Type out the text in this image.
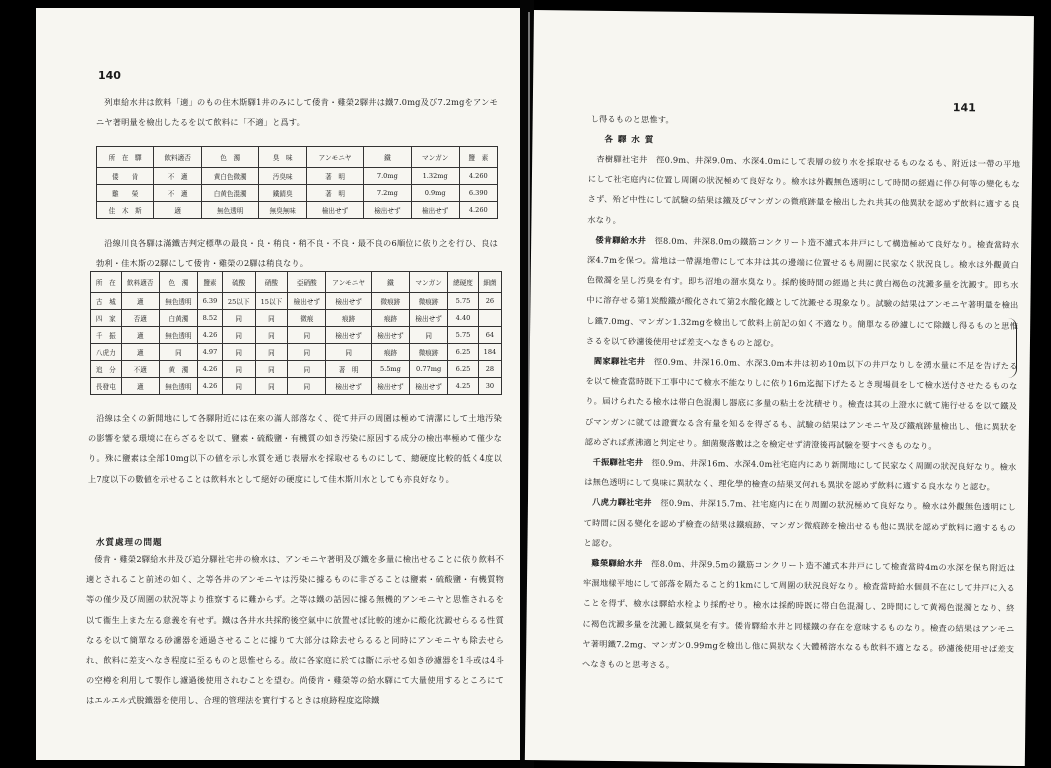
140
列車給水井は飲料「適」のもの住木斯驛1井のみにして倭肯・雞榮2驛井は鐵7.0mg及び7.2mgをアンモニヤ著明量を檢出したるを以て飲料に「不適」と爲す。
所　在　驛	飲料適否	色　濁	臭　味	アンモニヤ	鐵	マンガン	鹽　素
倭　　肯	不　適	黄白色微濁	汚臭味	著　明	7.0mg	1.32mg	4.260
雞　　榮	不　適	白黄色混濁	鐵錆臭	著　明	7.2mg	0.9mg	6.390
佳　木　斯	適	無色透明	無臭無味	檢出せず	檢出せず	檢出せず	4.260
沿線川良各驛は滿鐵吉判定標準の最良・良・稍良・稍不良・不良・最不良の6順位に依り之を行ひ、良は勃利・佳木斯の2驛にして倭肯・雞榮の2驛は稍良なり。
所　在	飲料適否	色　濁	鹽素	硫酸	硝酸	亞硝酸	アンモニヤ	鐵	マンガン	總硬度	細菌
古　城	適	無色透明	6.39	25以下	15以下	檢出せず	檢出せず	微痕跡	微痕跡	5.75	26
四　家	否適	白黄濁	8.52	同	同	微痕	痕跡	痕跡	檢出せず	4.40	
千　振	適	無色透明	4.26	同	同	同	檢出せず	檢出せず	同	5.75	64
八虎力	適	同	4.97	同	同	同	同	痕跡	微痕跡	6.25	184
追　分	不適	黄　濁	4.26	同	同	同	著　明	5.5mg	0.77mg	6.25	28
長發屯	適	無色透明	4.26	同	同	同	檢出せず	檢出せず	檢出せず	4.25	30
沿線は全くの新開地にして各驛附近には在來の滿人部落なく、從て井戸の周圍は極めて淸潔にして土地汚染の影響を蒙る環境に在らざるを以て、鹽素・硫酸鹽・有機質の如き汚染に原因する成分の檢出率極めて僅少なり。殊に鹽素は全部10mg以下の値を示し水質を通じ表層水を採取せるものにして、總硬度比較的低く4度以上7度以下の數値を示せることは飲料水として絕好の硬度にして佳木斯川水としても亦良好なり。
水質處理の問題
倭肯・雞榮2驛給水井及び追分驛社宅井の檢水は、アンモニヤ著明及び鐵を多量に檢出せることに依り飲料不適とされること前述の如く、之等各井のアンモニヤは汚染に據るものに非ざることは鹽素・硫酸鹽・有機質物等の僅少及び周圍の狀況等より推察するに難からず。之等は鐵の話因に據る無機的アンモニヤと思惟されるを以て衞生上また左る意義を有せず。鐵は各井水共採酌後空氣中に放置せば比較的速かに酸化沈澱せらるる性質なるを以て簡單なる砂濾器を通過させることに據りて大部分は除去せらるると同時にアンモニヤも除去せられ、飲料に差支へなき程度に至るものと思惟せらる。故に各家庭に於ては斷に示せる如き砂濾器を1斗或は4斗の空樽を利用して製作し濾過後使用されむことを望む。尚倭肯・雞榮等の給水驛にて大量使用するところにてはエルエル式脫鐵器を使用し、合理的管理法を實行するときは痕跡程度迄除鐵
141
し得るものと思惟す。
各 驛 水 質
杏樹驛社宅井　徑0.9m、井深9.0m、水深4.0mにして表層の絞り水を採取せるものなるも、附近は一帶の平地にして社宅庭内に位置し周圍の狀況極めて良好なり。檢水は外觀無色透明にして時間の經過に伴ひ何等の變化もなさず、殆ど中性にして試驗の結果は鐵及びマンガンの微痕跡量を檢出したれ共其の他異狀を認めず飲料に適する良水なり。
倭肯驛給水井　徑8.0m、井深8.0mの鐵筋コンクリート造不濾式本井戸にして構造極めて良好なり。檢査當時水深4.7mを保つ。當地は一帶濕地帶にして本井は其の邊端に位置せるも周圍に民家なく狀況良し。檢水は外觀黄白色微濁を呈し汚臭を有す。即ち沼地の溜水臭なり。採酌後時間の經過と共に黄白褐色の沈澱多量を沈澱す。即ち水中に溶存せる第1炭酸鐵が酸化されて第2水酸化鐵として沈澱せる現象なり。試驗の結果はアンモニヤ著明量を檢出し鐵7.0mg、マンガン1.32mgを檢出して飲料上前記の如く不適なり。簡單なる砂濾しにて除鐵し得るものと思惟さるを以て砂濾後使用せば差支へなきものと認む。
閻家驛社宅井　徑0.9m、井深16.0m、水深3.0m本井は初め10m以下の井戸なりしを湧水量に不足を告げたるを以て檢査當時既下工事中にて檢水不能なりしに依り16m迄掘下げたるとき現場員をして檢水送付させたるものなり。屆けられたる檢水は帯白色混濁し器底に多量の粘土を沈積せり。檢査は其の上澄水に就て施行せるを以て鐵及びマンガンに就ては證實なる含有量を知るを得ざるも、試驗の結果はアンモニヤ及び鐵痕跡量檢出し、他に異狀を認めざれば煮沸適と判定せり。細菌聚落數は之を檢定せず淸澄後再試驗を要すべきものなり。
千振驛社宅井　徑0.9m、井深16m、水深4.0m社宅庭内にあり新開地にして民家なく周圍の狀況良好なり。檢水は無色透明にして臭味に異狀なく、理化學的檢査の結果叉何れも異狀を認めず飲料に適する良水なりと認む。
八虎力驛社宅井　徑0.9m、井深15.7m、社宅庭内に在り周圍の狀況極めて良好なり。檢水は外觀無色透明にして時間に因る變化を認めず檢査の結果は鐵痕跡、マンガン微痕跡を檢出せるも他に異狀を認めず飲料に適するものと認む。
雞榮驛給水井　徑8.0m、井深9.5mの鐵筋コンクリート造不濾式本井戸にして檢査當時4mの水深を保ち附近は牢濕地樣平地にして部落を隔たること約1kmにして周圍の狀況良好なり。檢査當時給水個員不在にして井戸に入ることを得ず、檢水は驛給水栓より採酌せり。檢水は採酌時既に帯白色混濁し、2時間にして黄褐色混濁となり、終に褐色沈澱多量を沈澱し鐵氣臭を有す。倭肯驛給水井と同樣鐵の存在を意味するものなり。檢査の結果はアンモニヤ著明鐵7.2mg、マンガン0.99mgを檢出し他に異狀なく大體稀溶水なるも飲料不適となる。砂濾後使用せば差支へなきものと思考さる。
